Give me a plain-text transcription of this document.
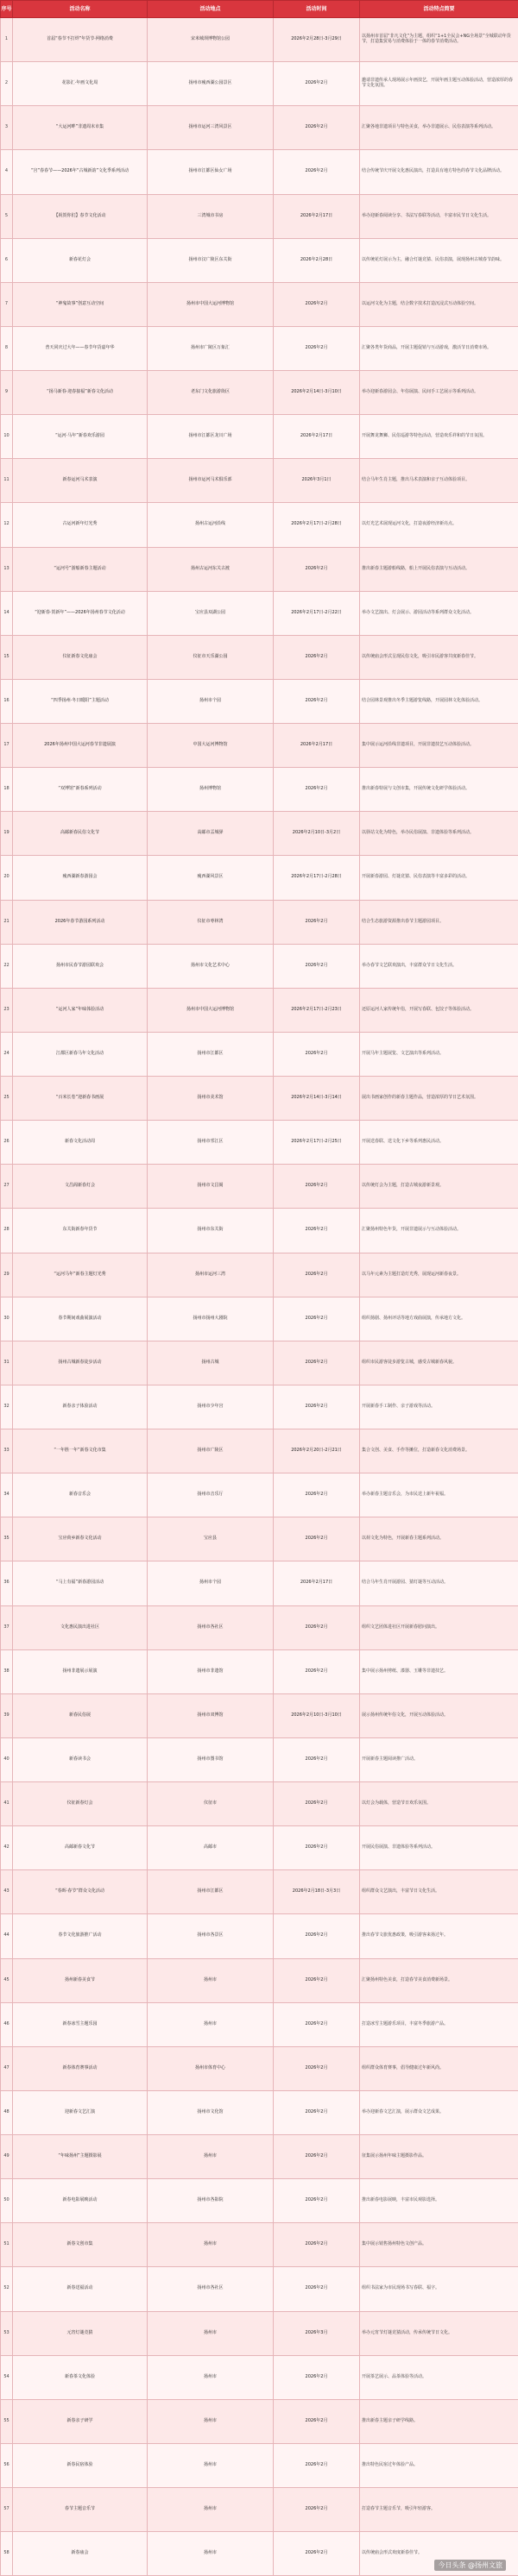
序号	活动名称	活动地点	活动时间	活动特点简要
1	首届“春节不打烊”年货节·网络消费	宋米城坝博物馆公园	2026年2月28日-3月29日	以扬州市首届“非凡文化”为主题，组织“1+1全民会+NG全场景”全城联动年货节，打造集贸易与消费体验于一体的春节消费活动。
2	花影汇·年画文化周	扬州市瘦西湖公园景区	2026年2月	邀请非遗传承人现场展示年画技艺，开展年画主题互动体验活动，营造浓厚的春节文化氛围。
3	“大运河畔”非遗周末市集	扬州市运河三湾风景区	2026年2月	汇聚各地非遗项目与特色美食，举办非遗展示、民俗表演等系列活动。
4	“宫”春春节——2026年“古城新韵”文化季系列活动	扬州市江都区仙女广场	2026年2月	结合传统节庆开展文化惠民演出，打造具有地方特色的春节文化品牌活动。
5	【祝贺你们】春节文化活动	三湾城市书房	2026年2月17日	举办迎新春阅读分享、书法写春联等活动，丰富市民节日文化生活。
6	新春花灯会	扬州市汉广陵区东关街	2026年2月28日	以传统花灯展示为主，融合灯谜竞猜、民俗表演，展现扬州古城春节韵味。
7	“神鬼故事”创意互动空间	扬州市中国大运河博物馆	2026年2月	以运河文化为主题，结合数字技术打造沉浸式互动体验空间。
8	普天同庆过大年——春节年货嘉年华	扬州市广陵区万象汇	2026年2月	汇聚各类年货商品，开展主题促销与互动游戏，激活节日消费市场。
9	“扬马新春·迎春接福”新春文化活动	老东门文化旅游街区	2026年2月14日-3月10日	举办迎新春游园会、年俗展演、民间手工艺展示等系列活动。
10	“运河·马年”新春欢乐游园	扬州市江都区龙川广场	2026年2月17日	开展舞龙舞狮、民俗巡游等特色活动，营造欢乐祥和的节日氛围。
11	新春运河马术表演	扬州市运河马术俱乐部	2026年3月1日	结合马年生肖主题，推出马术表演和亲子互动体验项目。
12	古运河新年灯光秀	扬州古运河沿线	2026年2月17日-2月28日	以灯光艺术展现运河文化，打造夜游经济新亮点。
13	“运河号”游船新春主题活动	扬州古运河东关古渡	2026年2月	推出新春主题游船线路，船上开展民俗表演与互动活动。
14	“迎新春·贺新年”——2026年扬州春节文化活动	宝应县双湖公园	2026年2月17日-2月22日	举办文艺演出、灯会展示、游园活动等系列群众文化活动。
15	仪征新春文化庙会	仪征市天乐湖公园	2026年2月	以传统庙会形式呈现民俗文化，吸引市民游客共度新春佳节。
16	“四季扬州·冬日暖阳”主题活动	扬州市个园	2026年2月	结合园林景观推出冬季主题游览线路，开展园林文化体验活动。
17	2026年扬州中国大运河春节非遗展演	中国大运河博物馆	2026年2月17日	集中展示运河沿线非遗项目，开展非遗技艺互动体验活动。
18	“双博馆”新春系列活动	扬州博物馆	2026年2月	推出新春特展与文创市集，开展传统文化研学体验活动。
19	高邮新春民俗文化节	高邮市盂城驿	2026年2月10日-3月2日	以驿站文化为特色，举办民俗展演、非遗体验等系列活动。
20	瘦西湖新春游园会	瘦西湖风景区	2026年2月17日-2月28日	开展新春游园、灯谜竞猜、民俗表演等丰富多彩的活动。
21	2026年春节游园系列活动	仪征市枣林湾	2026年2月	结合生态旅游资源推出春节主题游园项目。
22	扬州市民春节游园联欢会	扬州市文化艺术中心	2026年2月	举办春节文艺联欢演出，丰富群众节日文化生活。
23	“运河人家”年味体验活动	扬州市中国大运河博物馆	2026年2月17日-2月23日	还原运河人家传统年俗，开展写春联、包饺子等体验活动。
24	江都区新春马年文化活动	扬州市江都区	2026年2月	开展马年主题展览、文艺演出等系列活动。
25	“百米长卷”迎新春书画展	扬州市美术馆	2026年2月14日-3月14日	展出书画家创作的新春主题作品，营造浓厚的节日艺术氛围。
26	新春文化活动周	扬州市邗江区	2026年2月17日-2月25日	开展送春联、送文化下乡等系列惠民活动。
27	文昌阁新春灯会	扬州市文昌阁	2026年2月	以传统灯会为主题，打造古城夜游新景观。
28	东关街新春年货节	扬州市东关街	2026年2月	汇聚扬州特色年货，开展非遗展示与互动体验活动。
29	“运河马年”新春主题灯光秀	扬州市运河三湾	2026年2月	以马年元素为主题打造灯光秀，展现运河新春夜景。
30	春节期间戏曲展演活动	扬州市扬州大剧院	2026年2月	组织扬剧、扬州评话等地方戏曲展演，传承地方文化。
31	扬州古城新春徒步活动	扬州古城	2026年2月	组织市民游客徒步游览古城，感受古城新春风貌。
32	新春亲子体验活动	扬州市少年宫	2026年2月	开展新春手工制作、亲子游戏等活动。
33	“一年胜一年”新春文化市集	扬州市广陵区	2026年2月20日-2月21日	集合文创、美食、手作等摊位，打造新春文化消费场景。
34	新春音乐会	扬州市音乐厅	2026年2月	举办新春主题音乐会，为市民送上新年祝福。
35	宝应荷乡新春文化活动	宝应县	2026年2月	以荷文化为特色，开展新春主题系列活动。
36	“马上有福”新春游园活动	扬州市个园	2026年2月17日	结合马年生肖开展游园、猜灯谜等互动活动。
37	文化惠民演出进社区	扬州市各社区	2026年2月	组织文艺团体进社区开展新春慰问演出。
38	扬州非遗展示展演	扬州市非遗馆	2026年2月	集中展示扬州剪纸、漆器、玉雕等非遗技艺。
39	新春民俗展	扬州市双博馆	2026年2月10日-3月10日	展示扬州传统年俗文化，开展互动体验活动。
40	新春读书会	扬州市图书馆	2026年2月	开展新春主题阅读推广活动。
41	仪征新春灯会	仪征市	2026年2月	以灯会为载体，营造节日欢乐氛围。
42	高邮新春文化节	高邮市	2026年2月	开展民俗展演、非遗体验等系列活动。
43	“春晖·春节”群众文化活动	扬州市江都区	2026年2月18日-3月3日	组织群众文艺演出，丰富节日文化生活。
44	春节文化旅游推广活动	扬州市各景区	2026年2月	推出春节文旅优惠政策，吸引游客来扬过年。
45	扬州新春美食节	扬州市	2026年2月	汇聚扬州特色美食，打造春节美食消费新场景。
46	新春冰雪主题乐园	扬州市	2026年2月	打造冰雪主题游乐项目，丰富冬季旅游产品。
47	新春体育赛事活动	扬州市体育中心	2026年2月	组织群众体育赛事，倡导健康过年新风尚。
48	迎新春文艺汇演	扬州市文化馆	2026年2月	举办迎新春文艺汇演，展示群众文艺成果。
49	“年味扬州”主题摄影展	扬州市	2026年2月	征集展示扬州年味主题摄影作品。
50	新春电影展映活动	扬州市各影院	2026年2月	推出新春电影展映，丰富市民观影选择。
51	新春文创市集	扬州市	2026年2月	集中展示销售扬州特色文创产品。
52	新春送福活动	扬州市各社区	2026年2月	组织书法家为市民现场书写春联、福字。
53	元宵灯谜竞猜	扬州市	2026年3月	举办元宵节灯谜竞猜活动，传承传统节日文化。
54	新春茶文化体验	扬州市	2026年2月	开展茶艺展示、品茶体验等活动。
55	新春亲子研学	扬州市	2026年2月	推出新春主题亲子研学线路。
56	新春民宿体验	扬州市	2026年2月	推出特色民宿过年体验产品。
57	春节主题音乐节	扬州市	2026年2月	打造春节主题音乐节，吸引年轻游客。
58	新春庙会	扬州市	2026年2月	以传统庙会形式欢度新春佳节。
今日头条 @扬州文旅
